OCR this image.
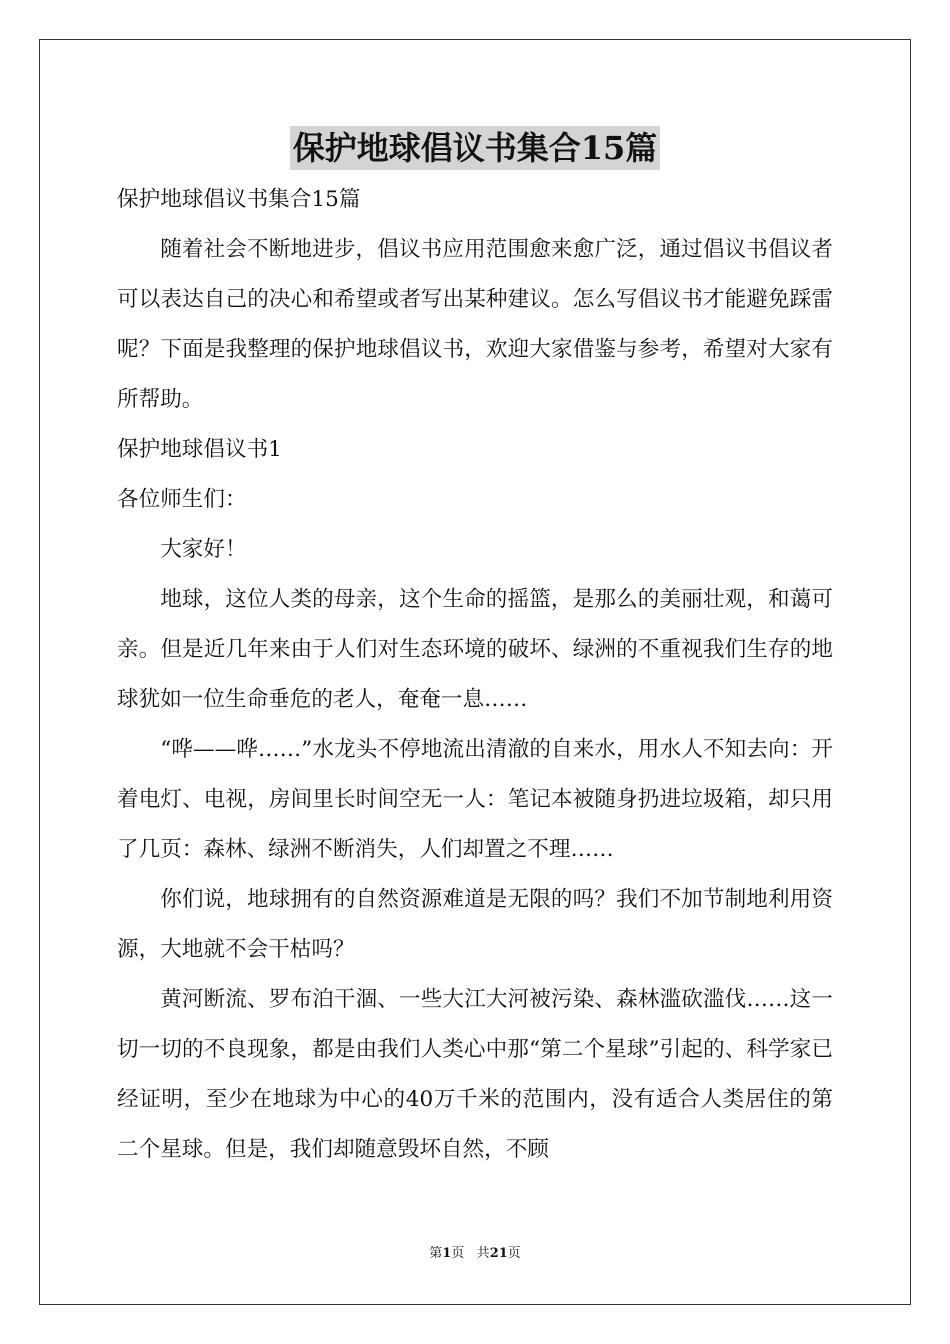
保护地球倡议书集合15篇

保护地球倡议书集合15篇

随着社会不断地进步，倡议书应用范围愈来愈广泛，通过倡议书倡议者可以表达自己的决心和希望或者写出某种建议。怎么写倡议书才能避免踩雷呢？下面是我整理的保护地球倡议书，欢迎大家借鉴与参考，希望对大家有所帮助。

保护地球倡议书1

各位师生们：

大家好！

地球，这位人类的母亲，这个生命的摇篮，是那么的美丽壮观，和蔼可亲。但是近几年来由于人们对生态环境的破坏、绿洲的不重视我们生存的地球犹如一位生命垂危的老人，奄奄一息……

“哗——哗……”水龙头不停地流出清澈的自来水，用水人不知去向：开着电灯、电视，房间里长时间空无一人：笔记本被随身扔进垃圾箱，却只用了几页：森林、绿洲不断消失，人们却置之不理……

你们说，地球拥有的自然资源难道是无限的吗？我们不加节制地利用资源，大地就不会干枯吗？

黄河断流、罗布泊干涸、一些大江大河被污染、森林滥砍滥伐……这一切一切的不良现象，都是由我们人类心中那“第二个星球”引起的、科学家已经证明，至少在地球为中心的40万千米的范围内，没有适合人类居住的第二个星球。但是，我们却随意毁坏自然，不顾

第1页 共21页
